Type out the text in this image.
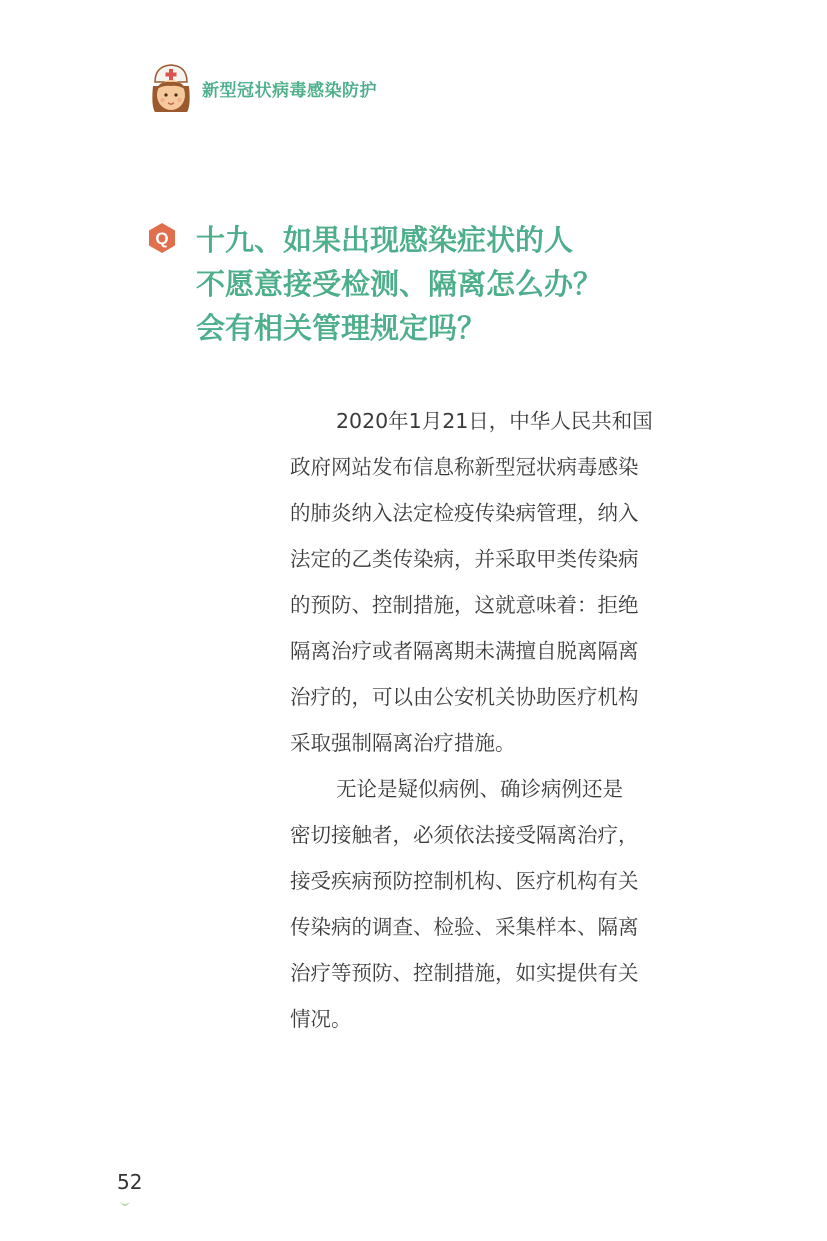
新型冠状病毒感染防护
Q 十九、如果出现感染症状的人
不愿意接受检测、隔离怎么办？
会有相关管理规定吗？
2020年1月21日，中华人民共和国
政府网站发布信息称新型冠状病毒感染
的肺炎纳入法定检疫传染病管理，纳入
法定的乙类传染病，并采取甲类传染病
的预防、控制措施，这就意味着：拒绝
隔离治疗或者隔离期未满擅自脱离隔离
治疗的，可以由公安机关协助医疗机构
采取强制隔离治疗措施。
无论是疑似病例、确诊病例还是
密切接触者，必须依法接受隔离治疗，
接受疾病预防控制机构、医疗机构有关
传染病的调查、检验、采集样本、隔离
治疗等预防、控制措施，如实提供有关
情况。
52
